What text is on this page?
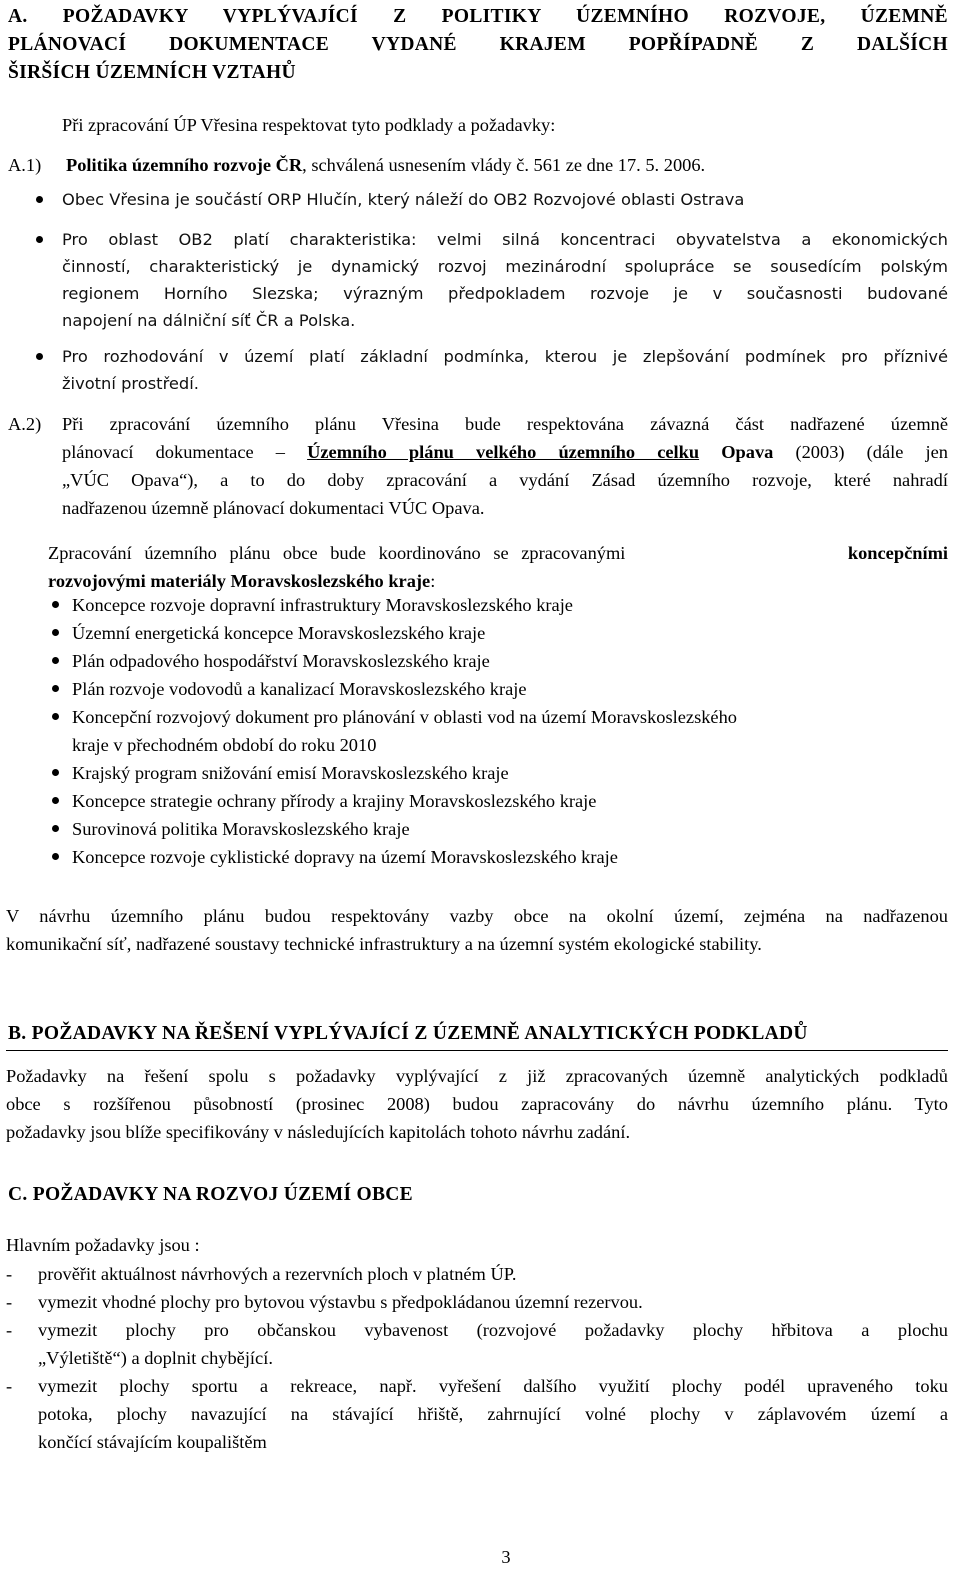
A. POŽADAVKY VYPLÝVAJÍCÍ Z POLITIKY ÚZEMNÍHO ROZVOJE, ÚZEMNĚ
PLÁNOVACÍ DOKUMENTACE VYDANÉ KRAJEM POPŘÍPADNĚ Z DALŠÍCH
ŠIRŠÍCH ÚZEMNÍCH VZTAHŮ
Při zpracování ÚP Vřesina respektovat tyto podklady a požadavky:
A.1) Politika územního rozvoje ČR, schválená usnesením vlády č. 561 ze dne 17. 5. 2006.
Obec Vřesina je součástí ORP Hlučín, který náleží do OB2 Rozvojové oblasti Ostrava
Pro oblast OB2 platí charakteristika: velmi silná koncentraci obyvatelstva a ekonomických
činností, charakteristický je dynamický rozvoj mezinárodní spolupráce se sousedícím polským
regionem Horního Slezska; výrazným předpokladem rozvoje je v současnosti budované
napojení na dálniční síť ČR a Polska.
Pro rozhodování v území platí základní podmínka, kterou je zlepšování podmínek pro příznivé
životní prostředí.
A.2) Při zpracování územního plánu Vřesina bude respektována závazná část nadřazené územně
plánovací dokumentace – Územního plánu velkého územního celku Opava (2003) (dále jen
„VÚC Opava“), a to do doby zpracování a vydání Zásad územního rozvoje, které nahradí
nadřazenou územně plánovací dokumentaci VÚC Opava.
Zpracování územního plánu obce bude koordinováno se zpracovanými	koncepčními
rozvojovými materiály Moravskoslezského kraje:
Koncepce rozvoje dopravní infrastruktury Moravskoslezského kraje
Územní energetická koncepce Moravskoslezského kraje
Plán odpadového hospodářství Moravskoslezského kraje
Plán rozvoje vodovodů a kanalizací Moravskoslezského kraje
Koncepční rozvojový dokument pro plánování v oblasti vod na území Moravskoslezského
kraje v přechodném období do roku 2010
Krajský program snižování emisí Moravskoslezského kraje
Koncepce strategie ochrany přírody a krajiny Moravskoslezského kraje
Surovinová politika Moravskoslezského kraje
Koncepce rozvoje cyklistické dopravy na území Moravskoslezského kraje
V návrhu územního plánu budou respektovány vazby obce na okolní území, zejména na nadřazenou
komunikační síť, nadřazené soustavy technické infrastruktury a na územní systém ekologické stability.
B. POŽADAVKY NA ŘEŠENÍ VYPLÝVAJÍCÍ Z ÚZEMNĚ ANALYTICKÝCH PODKLADŮ
Požadavky na řešení spolu s požadavky vyplývající z již zpracovaných územně analytických podkladů
obce s rozšířenou působností (prosinec 2008) budou zapracovány do návrhu územního plánu. Tyto
požadavky jsou blíže specifikovány v následujících kapitolách tohoto návrhu zadání.
C. POŽADAVKY NA ROZVOJ ÚZEMÍ OBCE
Hlavním požadavky jsou :
- prověřit aktuálnost návrhových a rezervních ploch v platném ÚP.
- vymezit vhodné plochy pro bytovou výstavbu s předpokládanou územní rezervou.
- vymezit plochy pro občanskou vybavenost (rozvojové požadavky plochy hřbitova a plochu
„Výletiště“) a doplnit chybějící.
- vymezit plochy sportu a rekreace, např. vyřešení dalšího využití plochy podél upraveného toku
potoka, plochy navazující na stávající hřiště, zahrnující volné plochy v záplavovém území a
končící stávajícím koupalištěm
3
